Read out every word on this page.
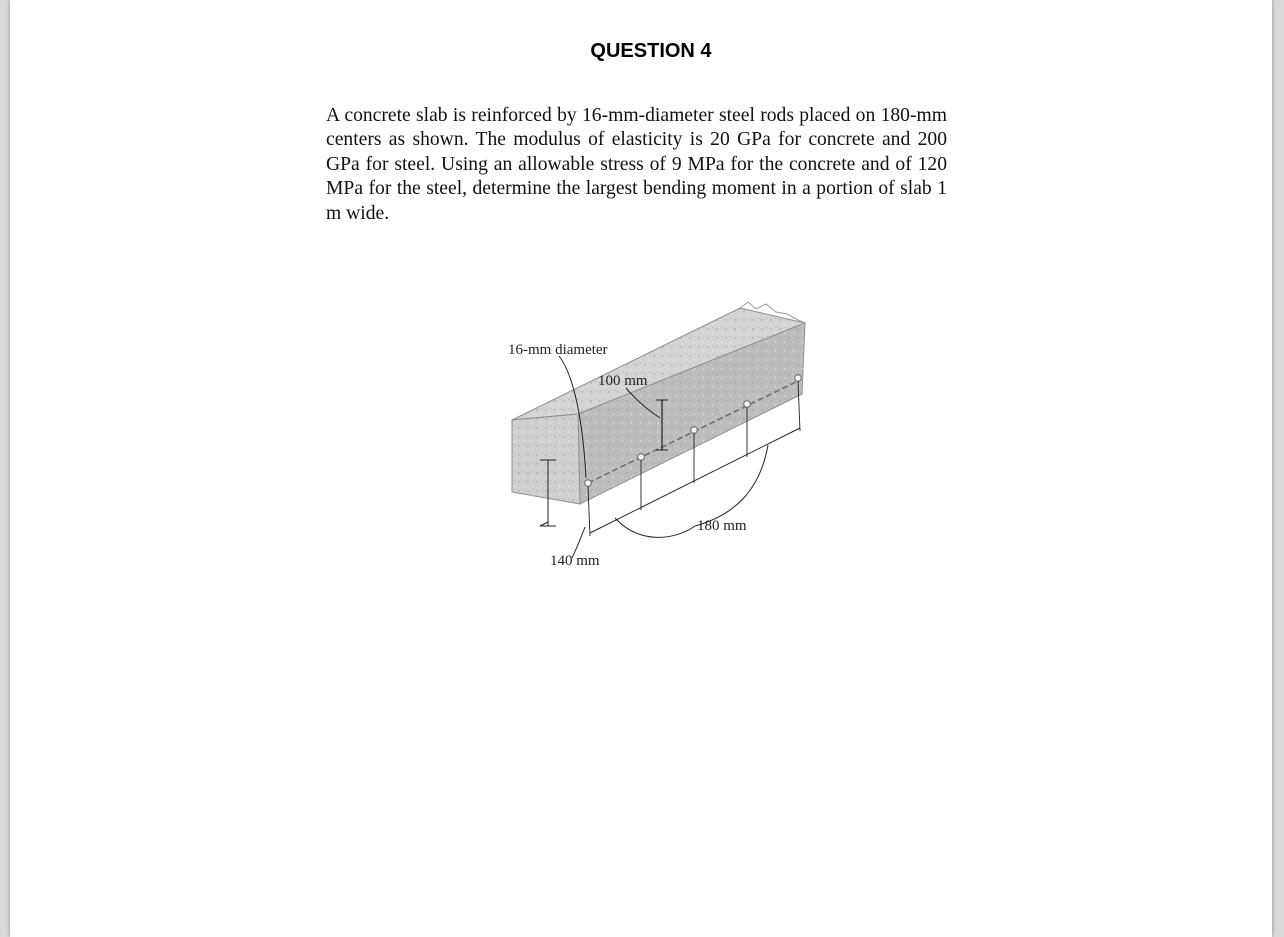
QUESTION 4

A concrete slab is reinforced by 16-mm-diameter steel rods placed on 180-mm centers as shown. The modulus of elasticity is 20 GPa for concrete and 200 GPa for steel. Using an allowable stress of 9 MPa for the concrete and of 120 MPa for the steel, determine the largest bending moment in a portion of slab 1 m wide.

16-mm diameter
100 mm
180 mm
140 mm
